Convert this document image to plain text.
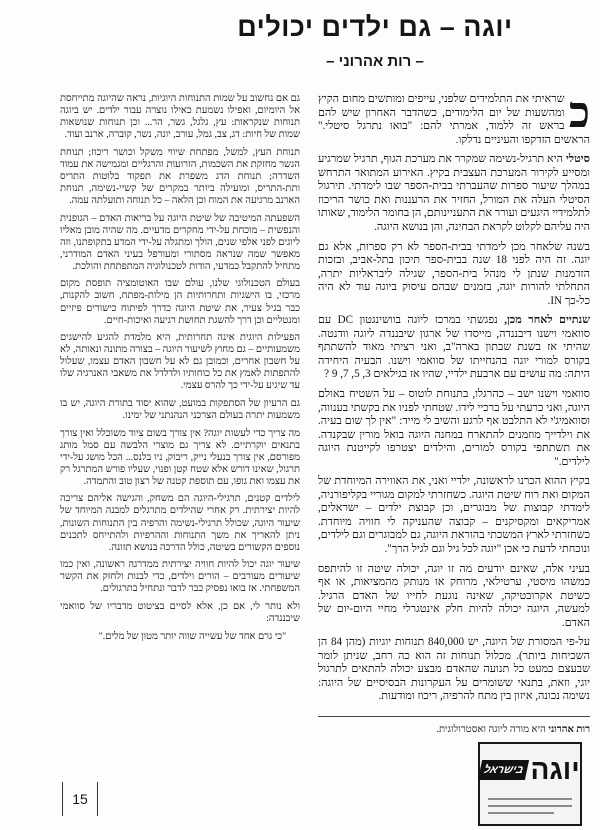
יוגה – גם ילדים יכולים
– רות אהרוני –

כ
שראיתי את התלמידים שלפני, עייפים ומותשים מחום הקיץ ומהשעות של יום הלימודים, כשהדבר האחרון שיש להם בראש זה ללמוד, אמרתי להם: "בואו נתרגל סיטלי." הראשים הזדקפו והעיניים נדלקו.

סיטלי היא תרגיל-נשימה שמקרר את מערכת הגוף, תרגיל שמרגיע ומסייע לקירור המערכת העצבית בקיץ. האירוע המתואר התרחש במהלך שיעור ספרות שהעברתי בבית-הספר שבו לימדתי. תירגול הסיטלי העלה את המורל, החזיר את הרעננות ואת כושר הריכוז לתלמידיי היגעים ועורר את התעניינותם, הן בחומר הלימוד, שאותו היה עליהם לקלוט לקראת הבחינה, והן בנושא היוגה.

בשנה שלאחר מכן לימדתי בבית-הספר לא רק ספרות, אלא גם יוגה. זה היה לפני 18 שנה בבית-ספר תיכון בתל-אביב, ובזכות הזדמנות שנתן לי מנהל בית-הספר, שגילה ליבראליות יתרה, התחלתי להורות יוגה, בזמנים שבהם עיסוק ביוגה עוד לא היה כל-כך IN.

שנתיים לאחר מכן, נפגשתי במרכז ליוגה בוושינגטון DC עם סוואמי וישנו דיבננדה, מייסדו של ארגון שיבננדה ליוגה וודנטה. שהיתי אז בשנת שבתון בארה"ב, ואני רציתי מאוד להשתתף בקורס למורי יוגה בהנחייתו של סוואמי וישנו. הבעיה היחידה היתה: מה עושים עם ארבעת ילדיי, שהיו אז בגילאים 3, 5, 7, 9 ?

סוואמי וישנו ישב – כהרגלו, בתנוחת לוטוס – על השטיח באולם היוגה, ואני כרעתי על ברכיי לידו. שטחתי לפניו את בקשתי בענווה, וסוואמיג'י לא התלבט אף לרגע והשיב לי מייד: "אין לך שום בעיה. את וילדייך מוזמנים להתארח במחנה היוגה בואל מורין שבקנדה. את תשתתפי בקורס למורים, והילדים יצטרפו לקייטנת היוגה לילדים."

בקיץ ההוא הכרנו לראשונה, ילדיי ואני, את האווירה המיוחדת של המקום ואת רוח שיטת היוגה. כשחזרתי למקום מגוריי בקליפורניה, לימדתי קבוצות של מבוגרים, וכן קבוצת ילדים – ישראלים, אמריקאים ומקסיקנים – קבוצה שהעניקה לי חוויה מיוחדת. כשחזרתי לארץ המשכתי בהוראת היוגה, גם למבוגרים וגם לילדים, ונוכחתי לדעת כי אכן "יוגה לכל גיל וגם לגיל הרך".

בעיני אלה, שאינם יודעים מה זו יוגה, יכולה שיטה זו להיתפס כמשהו מיסטי, ערטילאי, מרוחק או מנותק מהמציאות, או אף כשיטת אקרובטיקה, שאינה נוגעת לחייו של האדם הרגיל. למעשה, היוגה יכולה להיות חלק אינטגרלי מחיי היום-יום של האדם.

על-פי המסורת של היוגה, יש 840,000 תנוחות יוגיות (מהן 84 הן השכיחות ביותר). מכלול תנוחות זה הוא כה רחב, שניתן לומר שבעצם כמעט כל תנועה שהאדם מבצע יכולה להתאים לתרגול יוגי, וזאת, בתנאי ששומרים על העקרונות הבסיסיים של היוגה: נשימה נכונה, איזון בין מתח להרפיה, ריכוז ומודעות.

גם אם נחשוב על שמות התנוחות היוגיות, נראה שהיוגה מתייחסת אל היומיום, ואפילו נשמעת כאילו נוצרה עבור ילדים. יש ביוגה תנוחות שנקראות: עץ, גלגל, גשר, הר... וכן תנוחות שנושאות שמות של חיות: דג, צב, גמל, עורב, יונה, נשר, קוברה, ארנב ועוד.

תנוחת העץ, למשל, מפתחת שיווי משקל וכושר ריכוז; תנוחת הגשר מחזקת את השכמות, הזרועות והרגליים ומגמישה את עמוד השדרה; תנוחת הדג משפרת את תפקוד בלוטות התריס ותת-התריס, ומועילה ביותר במקרים של קשיי-נשימה, תנוחת הארנב מרגיעה את המוח וכן הלאה – כל תנוחה ותועלתה עמה.

השפעתה המיטיבה של שיטת היוגה על בריאות האדם – הגופנית והנפשית – מוכחת על-ידי מחקרים מדעיים. מה שהיה מובן מאליו ליוגים לפני אלפי שנים, הולך ומתגלה על-ידי המדע בתקופתנו, וזה מאפשר שמה שנראה מסתורי ומעורפל בעיני האדם המודרני, מתחיל להתקבל כמדעי, הודות לטכנולוגיה המתפתחת והולכת.

בעולם הטכנולוגי שלנו, עולם שבו האוטומציה תופסת מקום מרכזי, בו הישגיות ותחרותיות הן מילות-מפתח, חשוב להקנות, כבר בגיל צעיר, את שיטת היוגה כדרך לפיתוח כישורים פיזיים ומנטליים וכן דרך להשגת תחושת רגיעה ואיכות-חיים.

הפעילות היוגית אינה תחרותית, היא מלמדת להגיע להישגים משמעותיים – גם מחוץ לשיעור היוגה – בצורה מתונה ונאותה, לא על חשבון אחרים, וכמובן גם לא על חשבון האדם עצמו, שעלול להתפתות לאמץ את כל כוחותיו ולדלדל את משאבי האנרגיה שלו עד שיגיע על-ידי כך להרס עצמי.

גם הרעיון של הסתפקות במועט, שהוא יסוד בתורת היוגה, יש בו משמעות יתרה בעולם הצרכני הנהנתני של ימינו.

מה צריך כדי לעשות יוגה? אין צורך בשום ציוד משוכלל ואין צורך בתנאים יוקרתיים. לא צריך גם מוצרי הלבשה עם סמל מותג מפורסם, אין צורך בנעלי נייק, ריבוק, ניו בלנס... הכל מושג על-ידי תרגול, שאינו דורש אלא שטח קטן ופנוי, שעליו פורש המתרגל רק את עצמו ואת גופו, עם תוספת קטנה של רצון טוב והתמדה.

לילדים קטנים, תרגילי-היוגה הם משחק, והגישה אליהם צריכה להיות יצירתית. רק אחרי שהילדים מתרגלים למבנה המיוחד של שיעור היוגה, שכולל תרגילי-נשימה והרפיה בין התנוחות השונות, ניתן להאריך את משך התנוחות וההרפיות ולהתייחס לתכנים נוספים הקשורים בשיטה, כולל הדרכה בנושא תזונה.

שיעור יוגה יכול להיות חוויה יצירתית ממדרגה ראשונה, ואין כמו שיעורים מעורבים – הורים וילדים, כדי לבנות ולחזק את הקשר המשפחתי. אז בואו נפסיק כבר לדבר ונתחיל בתרגולים.

ולא נותר לי, אם כן, אלא לסיים בציטוט מדבריו של סוואמי שיבננדה:

"כי גרם אחד של עשייה שווה יותר מטון של מלים."

רות אהרוני היא מורה ליוגה ואסטרולוגית.
15
יוגה
בישראל
